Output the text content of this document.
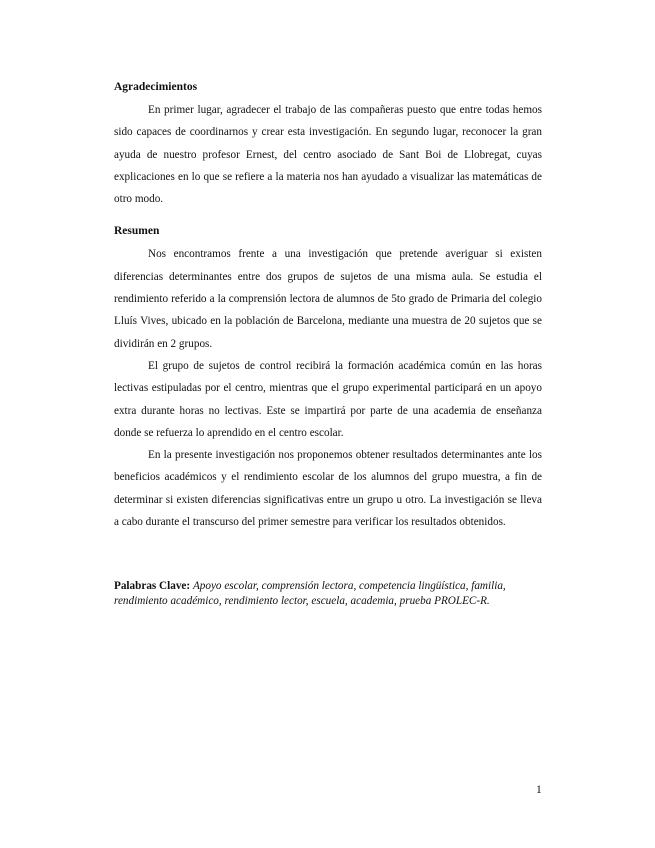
Agradecimientos

En primer lugar, agradecer el trabajo de las compañeras puesto que entre todas hemos sido capaces de coordinarnos y crear esta investigación. En segundo lugar, reconocer la gran ayuda de nuestro profesor Ernest, del centro asociado de Sant Boi de Llobregat, cuyas explicaciones en lo que se refiere a la materia nos han ayudado a visualizar las matemáticas de otro modo.

Resumen

Nos encontramos frente a una investigación que pretende averiguar si existen diferencias determinantes entre dos grupos de sujetos de una misma aula. Se estudia el rendimiento referido a la comprensión lectora de alumnos de 5to grado de Primaria del colegio Lluís Vives, ubicado en la población de Barcelona, mediante una muestra de 20 sujetos que se dividirán en 2 grupos.

El grupo de sujetos de control recibirá la formación académica común en las horas lectivas estipuladas por el centro, mientras que el grupo experimental participará en un apoyo extra durante horas no lectivas. Este se impartirá por parte de una academia de enseñanza donde se refuerza lo aprendido en el centro escolar.

En la presente investigación nos proponemos obtener resultados determinantes ante los beneficios académicos y el rendimiento escolar de los alumnos del grupo muestra, a fin de determinar si existen diferencias significativas entre un grupo u otro. La investigación se lleva a cabo durante el transcurso del primer semestre para verificar los resultados obtenidos.

Palabras Clave: Apoyo escolar, comprensión lectora, competencia lingüística, familia, rendimiento académico, rendimiento lector, escuela, academia, prueba PROLEC-R.
1
